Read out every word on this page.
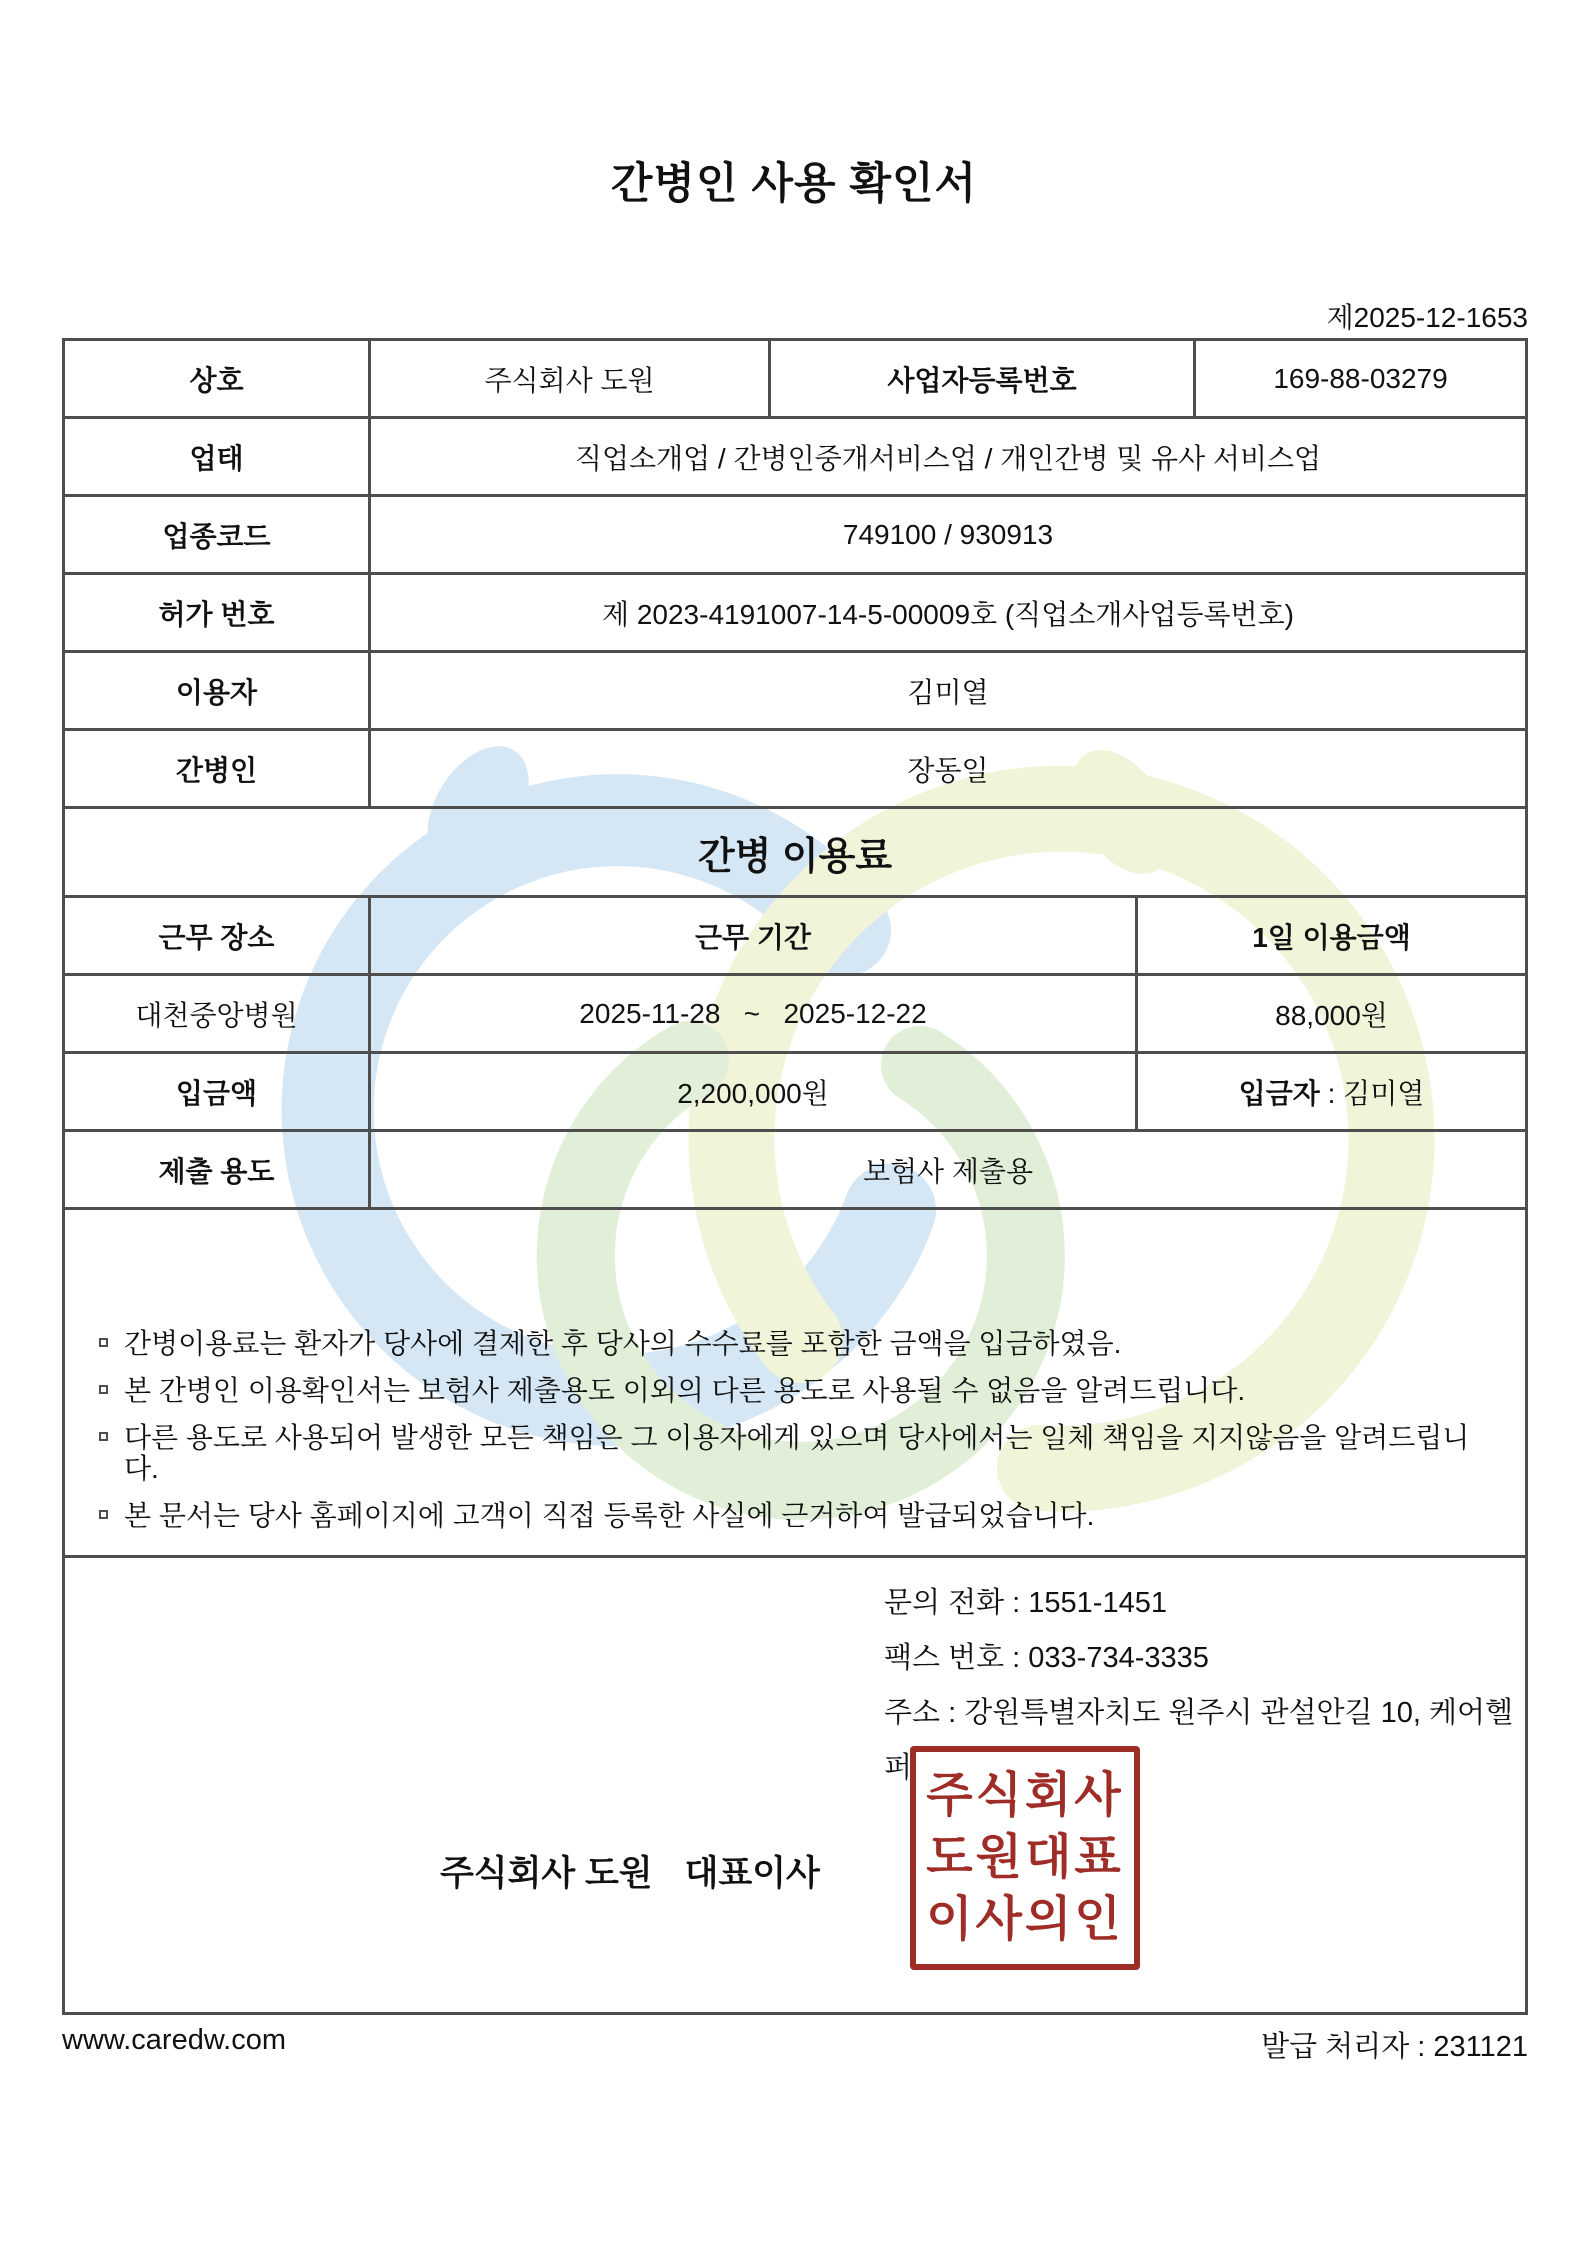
간병인 사용 확인서
제2025-12-1653
상호	주식회사 도원	사업자등록번호	169-88-03279
업태	직업소개업 / 간병인중개서비스업 / 개인간병 및 유사 서비스업
업종코드	749100 / 930913
허가 번호	제 2023-4191007-14-5-00009호 (직업소개사업등록번호)
이용자	김미열
간병인	장동일
간병 이용료
근무 장소	근무 기간	1일 이용금액
대천중앙병원	2025-11-28   ~   2025-12-22	88,000원
입금액	2,200,000원	입금자 : 김미열
제출 용도	보험사 제출용
간병이용료는 환자가 당사에 결제한 후 당사의 수수료를 포함한 금액을 입금하였음.
본 간병인 이용확인서는 보험사 제출용도 이외의 다른 용도로 사용될 수 없음을 알려드립니다.
다른 용도로 사용되어 발생한 모든 책임은 그 이용자에게 있으며 당사에서는 일체 책임을 지지않음을 알려드립니다.
본 문서는 당사 홈페이지에 고객이 직접 등록한 사실에 근거하여 발급되었습니다.
문의 전화 : 1551-1451
팩스 번호 : 033-734-3335
주소 : 강원특별자치도 원주시 관설안길 10, 케어헬퍼
주식회사 도원 대표이사
주식회사
도원대표
이사의인
www.caredw.com	발급 처리자 : 231121
